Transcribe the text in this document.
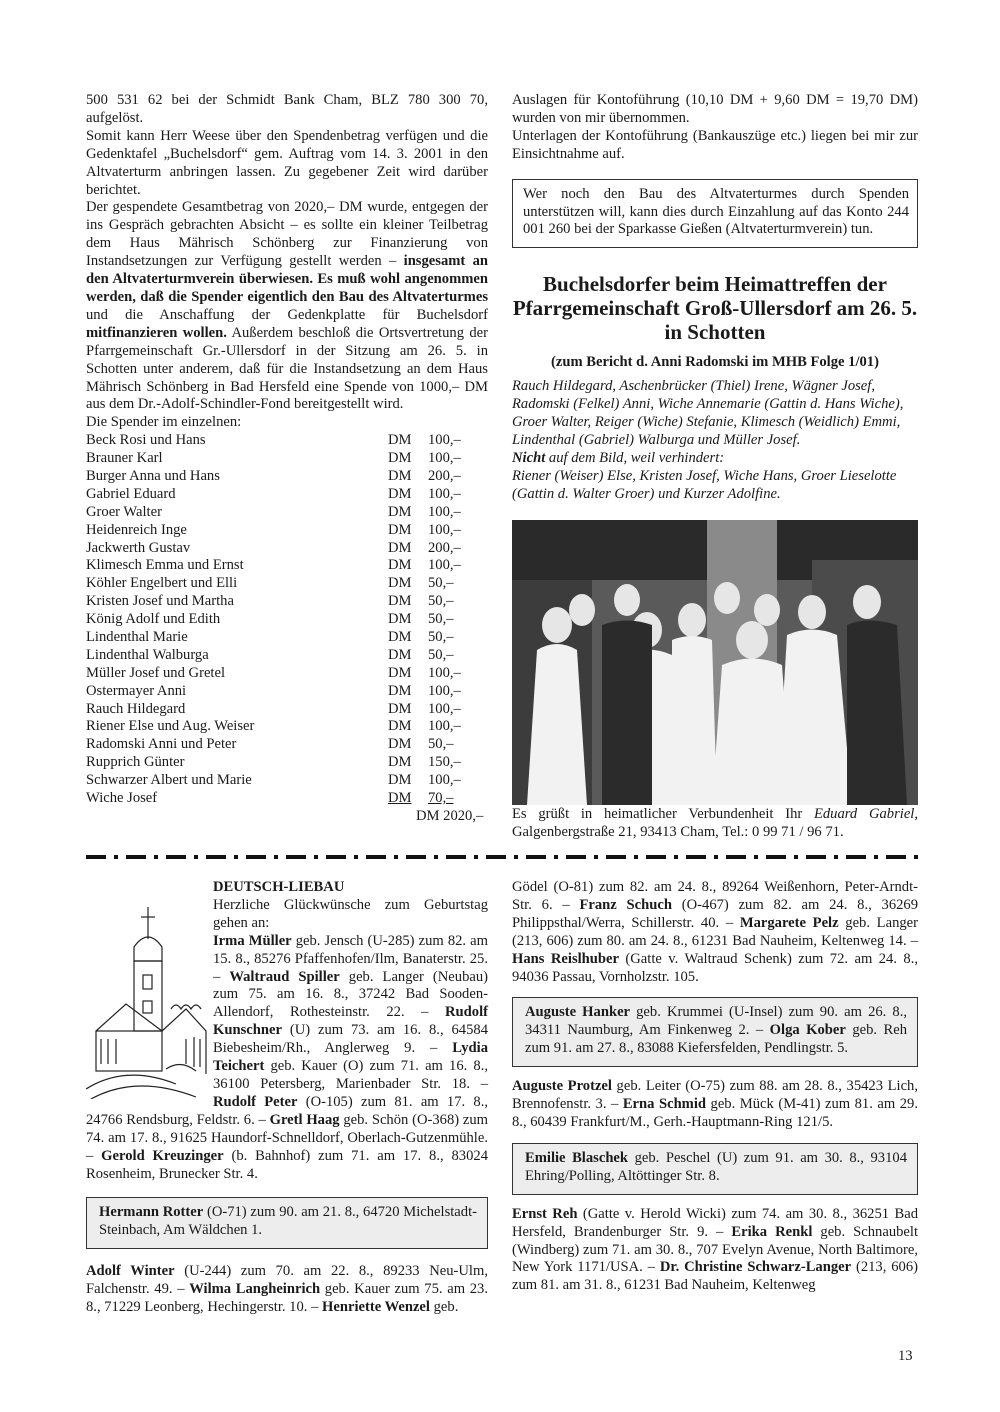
500 531 62 bei der Schmidt Bank Cham, BLZ 780 300 70, aufgelöst.

Somit kann Herr Weese über den Spendenbetrag verfügen und die Gedenktafel „Buchelsdorf“ gem. Auftrag vom 14. 3. 2001 in den Altvaterturm anbringen lassen. Zu gegebener Zeit wird darüber berichtet.

Der gespendete Gesamtbetrag von 2020,– DM wurde, entgegen der ins Gespräch gebrachten Absicht – es sollte ein kleiner Teilbetrag dem Haus Mährisch Schönberg zur Finanzierung von Instandsetzungen zur Verfügung gestellt werden – insgesamt an den Altvaterturmverein überwiesen. Es muß wohl angenommen werden, daß die Spender eigentlich den Bau des Altvaterturmes und die Anschaffung der Gedenkplatte für Buchelsdorf mitfinanzieren wollen. Außerdem beschloß die Ortsvertretung der Pfarrgemeinschaft Gr.-Ullersdorf in der Sitzung am 26. 5. in Schotten unter anderem, daß für die Instandsetzung an dem Haus Mährisch Schönberg in Bad Hersfeld eine Spende von 1000,– DM aus dem Dr.-Adolf-Schindler-Fond bereitgestellt wird.

Die Spender im einzelnen:

Beck Rosi und Hans	DM	100,–
Brauner Karl	DM	100,–
Burger Anna und Hans	DM	200,–
Gabriel Eduard	DM	100,–
Groer Walter	DM	100,–
Heidenreich Inge	DM	100,–
Jackwerth Gustav	DM	200,–
Klimesch Emma und Ernst	DM	100,–
Köhler Engelbert und Elli	DM	50,–
Kristen Josef und Martha	DM	50,–
König Adolf und Edith	DM	50,–
Lindenthal Marie	DM	50,–
Lindenthal Walburga	DM	50,–
Müller Josef und Gretel	DM	100,–
Ostermayer Anni	DM	100,–
Rauch Hildegard	DM	100,–
Riener Else und Aug. Weiser	DM	100,–
Radomski Anni und Peter	DM	50,–
Rupprich Günter	DM	150,–
Schwarzer Albert und Marie	DM	100,–
Wiche Josef	DM	70,–
DM 2020,–

Auslagen für Kontoführung (10,10 DM + 9,60 DM = 19,70 DM) wurden von mir übernommen.

Unterlagen der Kontoführung (Bankauszüge etc.) liegen bei mir zur Einsichtnahme auf.

Wer noch den Bau des Altvaterturmes durch Spenden unterstützen will, kann dies durch Einzahlung auf das Konto 244 001 260 bei der Sparkasse Gießen (Altvaterturmverein) tun.

Buchelsdorfer beim Heimattreffen der Pfarrgemeinschaft Groß-Ullersdorf am 26. 5. in Schotten
(zum Bericht d. Anni Radomski im MHB Folge 1/01)

Rauch Hildegard, Aschenbrücker (Thiel) Irene, Wägner Josef, Radomski (Felkel) Anni, Wiche Annemarie (Gattin d. Hans Wiche), Groer Walter, Reiger (Wiche) Stefanie, Klimesch (Weidlich) Emmi, Lindenthal (Gabriel) Walburga und Müller Josef.

Nicht auf dem Bild, weil verhindert:

Riener (Weiser) Else, Kristen Josef, Wiche Hans, Groer Lieselotte (Gattin d. Walter Groer) und Kurzer Adolfine.

Es grüßt in heimatlicher Verbundenheit Ihr Eduard Gabriel, Galgenbergstraße 21, 93413 Cham, Tel.: 0 99 71 / 96 71.

DEUTSCH-LIEBAU

Herzliche Glückwünsche zum Geburtstag gehen an:

Irma Müller geb. Jensch (U-285) zum 82. am 15. 8., 85276 Pfaffenhofen/Ilm, Banaterstr. 25. – Waltraud Spiller geb. Langer (Neubau) zum 75. am 16. 8., 37242 Bad Sooden-Allendorf, Rothesteinstr. 22. – Rudolf Kunschner (U) zum 73. am 16. 8., 64584 Biebesheim/Rh., Anglerweg 9. – Lydia Teichert geb. Kauer (O) zum 71. am 16. 8., 36100 Petersberg, Marienbader Str. 18. – Rudolf Peter (O-105) zum 81. am 17. 8., 24766 Rendsburg, Feldstr. 6. – Gretl Haag geb. Schön (O-368) zum 74. am 17. 8., 91625 Haundorf-Schnelldorf, Oberlach-Gutzenmühle. – Gerold Kreuzinger (b. Bahnhof) zum 71. am 17. 8., 83024 Rosenheim, Brunecker Str. 4.

Hermann Rotter (O-71) zum 90. am 21. 8., 64720 Michelstadt-Steinbach, Am Wäldchen 1.

Adolf Winter (U-244) zum 70. am 22. 8., 89233 Neu-Ulm, Falchenstr. 49. – Wilma Langheinrich geb. Kauer zum 75. am 23. 8., 71229 Leonberg, Hechingerstr. 10. – Henriette Wenzel geb.

Gödel (O-81) zum 82. am 24. 8., 89264 Weißenhorn, Peter-Arndt-Str. 6. – Franz Schuch (O-467) zum 82. am 24. 8., 36269 Philippsthal/Werra, Schillerstr. 40. – Margarete Pelz geb. Langer (213, 606) zum 80. am 24. 8., 61231 Bad Nauheim, Keltenweg 14. – Hans Reislhuber (Gatte v. Waltraud Schenk) zum 72. am 24. 8., 94036 Passau, Vornholzstr. 105.

Auguste Hanker geb. Krummei (U-Insel) zum 90. am 26. 8., 34311 Naumburg, Am Finkenweg 2. – Olga Kober geb. Reh zum 91. am 27. 8., 83088 Kiefersfelden, Pendlingstr. 5.

Auguste Protzel geb. Leiter (O-75) zum 88. am 28. 8., 35423 Lich, Brennofenstr. 3. – Erna Schmid geb. Mück (M-41) zum 81. am 29. 8., 60439 Frankfurt/M., Gerh.-Hauptmann-Ring 121/5.

Emilie Blaschek geb. Peschel (U) zum 91. am 30. 8., 93104 Ehring/Polling, Altöttinger Str. 8.

Ernst Reh (Gatte v. Herold Wicki) zum 74. am 30. 8., 36251 Bad Hersfeld, Brandenburger Str. 9. – Erika Renkl geb. Schnaubelt (Windberg) zum 71. am 30. 8., 707 Evelyn Avenue, North Baltimore, New York 1171/USA. – Dr. Christine Schwarz-Langer (213, 606) zum 81. am 31. 8., 61231 Bad Nauheim, Keltenweg

13
